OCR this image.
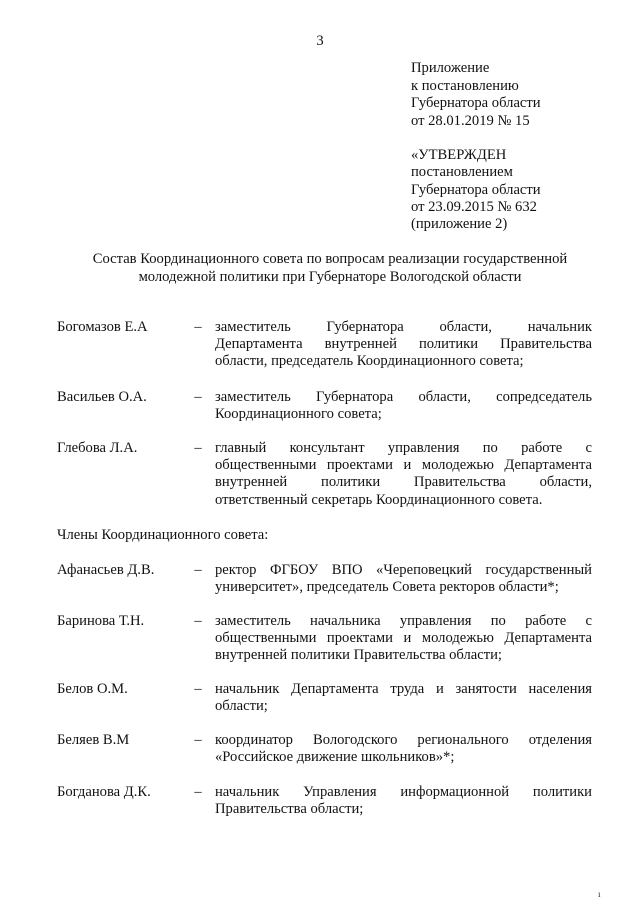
3
Приложение
к постановлению
Губернатора области
от 28.01.2019 № 15
«УТВЕРЖДЕН
постановлением
Губернатора области
от 23.09.2015 № 632
(приложение 2)
Состав Координационного совета по вопросам реализации государственной
молодежной политики при Губернаторе Вологодской области
Богомазов Е.А	– заместитель Губернатора области, начальник
Департамента внутренней политики Правительства
области, председатель Координационного совета;
Васильев О.А.	– заместитель Губернатора области, сопредседатель
Координационного совета;
Глебова Л.А.	– главный консультант управления по работе с
общественными проектами и молодежью Департамента
внутренней политики Правительства области,
ответственный секретарь Координационного совета.
Члены Координационного совета:
Афанасьев Д.В.	– ректор ФГБОУ ВПО «Череповецкий государственный
университет», председатель Совета ректоров области*;
Баринова Т.Н.	– заместитель начальника управления по работе с
общественными проектами и молодежью Департамента
внутренней политики Правительства области;
Белов О.М.	– начальник Департамента труда и занятости населения
области;
Беляев В.М	– координатор Вологодского регионального отделения
«Российское движение школьников»*;
Богданова Д.К.	– начальник Управления информационной политики
Правительства области;
ı
